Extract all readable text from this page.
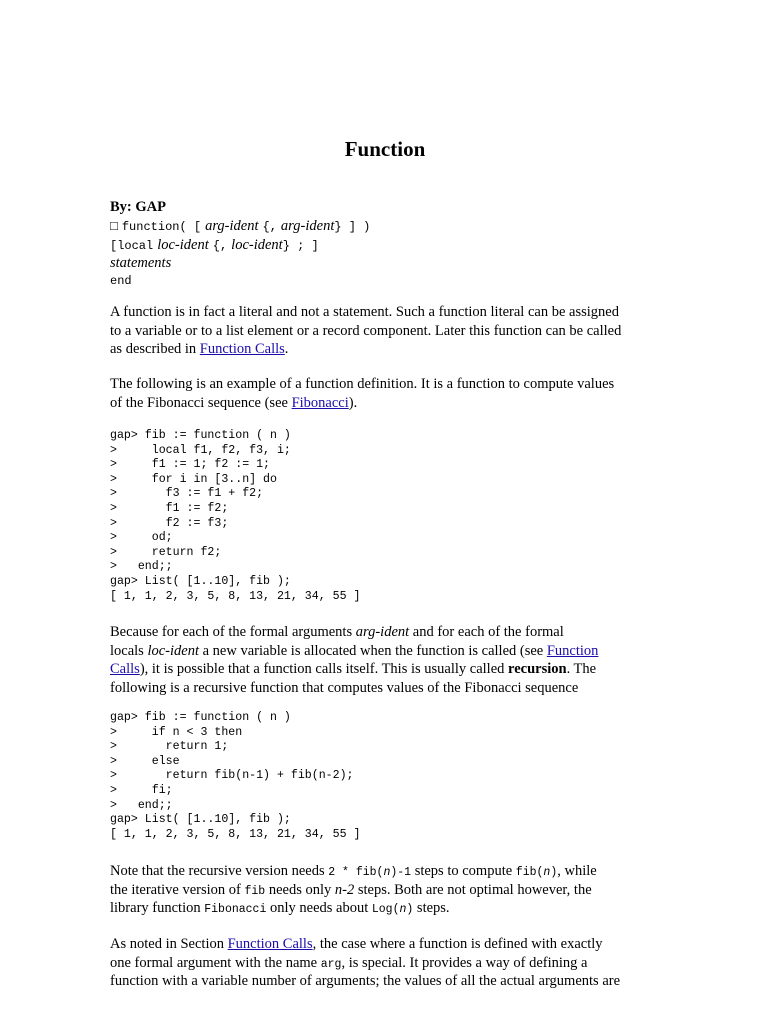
Function
By: GAP
□ function( [ arg-ident {, arg-ident} ] )
[local loc-ident {, loc-ident} ; ]
statements
end
A function is in fact a literal and not a statement. Such a function literal can be assigned
to a variable or to a list element or a record component. Later this function can be called
as described in Function Calls.
The following is an example of a function definition. It is a function to compute values
of the Fibonacci sequence (see Fibonacci).
gap> fib := function ( n )
>     local f1, f2, f3, i;
>     f1 := 1; f2 := 1;
>     for i in [3..n] do
>       f3 := f1 + f2;
>       f1 := f2;
>       f2 := f3;
>     od;
>     return f2;
>   end;;
gap> List( [1..10], fib );
[ 1, 1, 2, 3, 5, 8, 13, 21, 34, 55 ]
Because for each of the formal arguments arg-ident and for each of the formal
locals loc-ident a new variable is allocated when the function is called (see Function
Calls), it is possible that a function calls itself. This is usually called recursion. The
following is a recursive function that computes values of the Fibonacci sequence
gap> fib := function ( n )
>     if n < 3 then
>       return 1;
>     else
>       return fib(n-1) + fib(n-2);
>     fi;
>   end;;
gap> List( [1..10], fib );
[ 1, 1, 2, 3, 5, 8, 13, 21, 34, 55 ]
Note that the recursive version needs 2 * fib(n)-1 steps to compute fib(n), while
the iterative version of fib needs only n-2 steps. Both are not optimal however, the
library function Fibonacci only needs about Log(n) steps.
As noted in Section Function Calls, the case where a function is defined with exactly
one formal argument with the name arg, is special. It provides a way of defining a
function with a variable number of arguments; the values of all the actual arguments are
